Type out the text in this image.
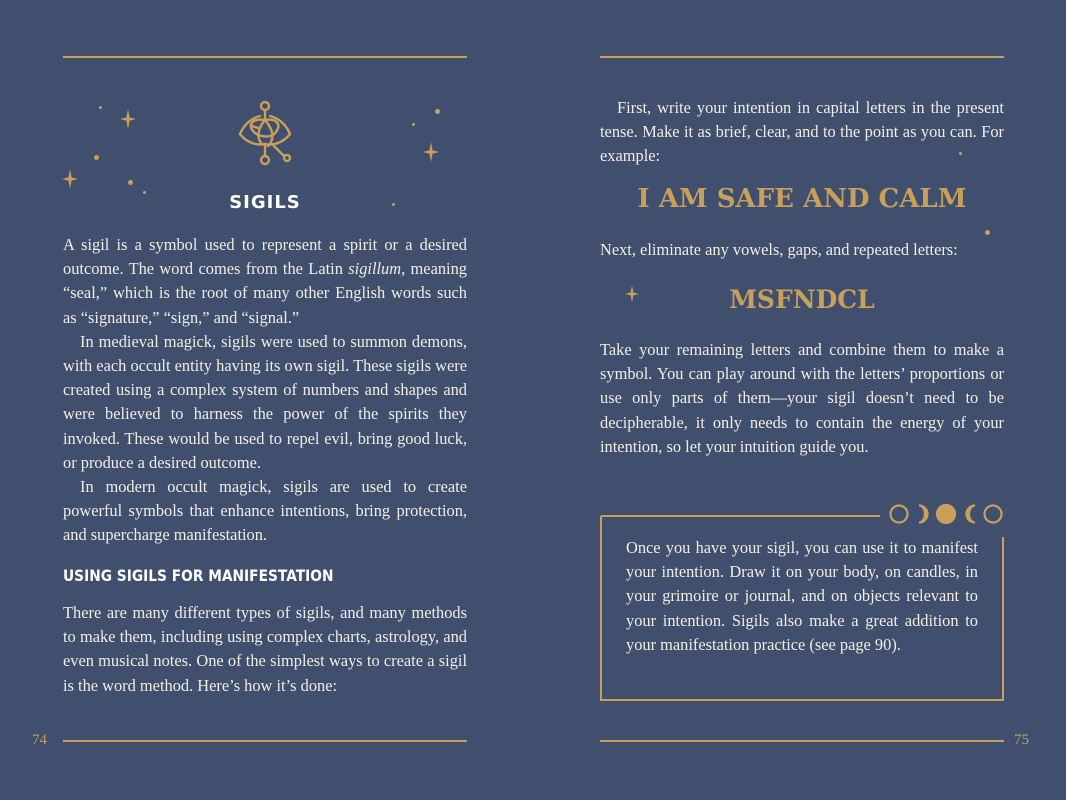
74	75
SIGILS

A sigil is a symbol used to represent a spirit or a desired outcome. The word comes from the Latin sigillum, meaning “seal,” which is the root of many other English words such as “signature,” “sign,” and “signal.”

In medieval magick, sigils were used to summon demons, with each occult entity having its own sigil. These sigils were created using a complex system of numbers and shapes and were believed to harness the power of the spirits they invoked. These would be used to repel evil, bring good luck, or produce a desired outcome.

In modern occult magick, sigils are used to create powerful symbols that enhance intentions, bring protection, and supercharge manifestation.

USING SIGILS FOR MANIFESTATION

There are many different types of sigils, and many methods to make them, including using complex charts, astrology, and even musical notes. One of the simplest ways to create a sigil is the word method. Here’s how it’s done:

First, write your intention in capital letters in the present tense. Make it as brief, clear, and to the point as you can. For example:

I AM SAFE AND CALM

Next, eliminate any vowels, gaps, and repeated letters:

MSFNDCL

Take your remaining letters and combine them to make a symbol. You can play around with the letters’ proportions or use only parts of them—your sigil doesn’t need to be decipherable, it only needs to contain the energy of your intention, so let your intuition guide you.

Once you have your sigil, you can use it to manifest your intention. Draw it on your body, on candles, in your grimoire or journal, and on objects relevant to your intention. Sigils also make a great addition to your manifestation practice (see page 90).
